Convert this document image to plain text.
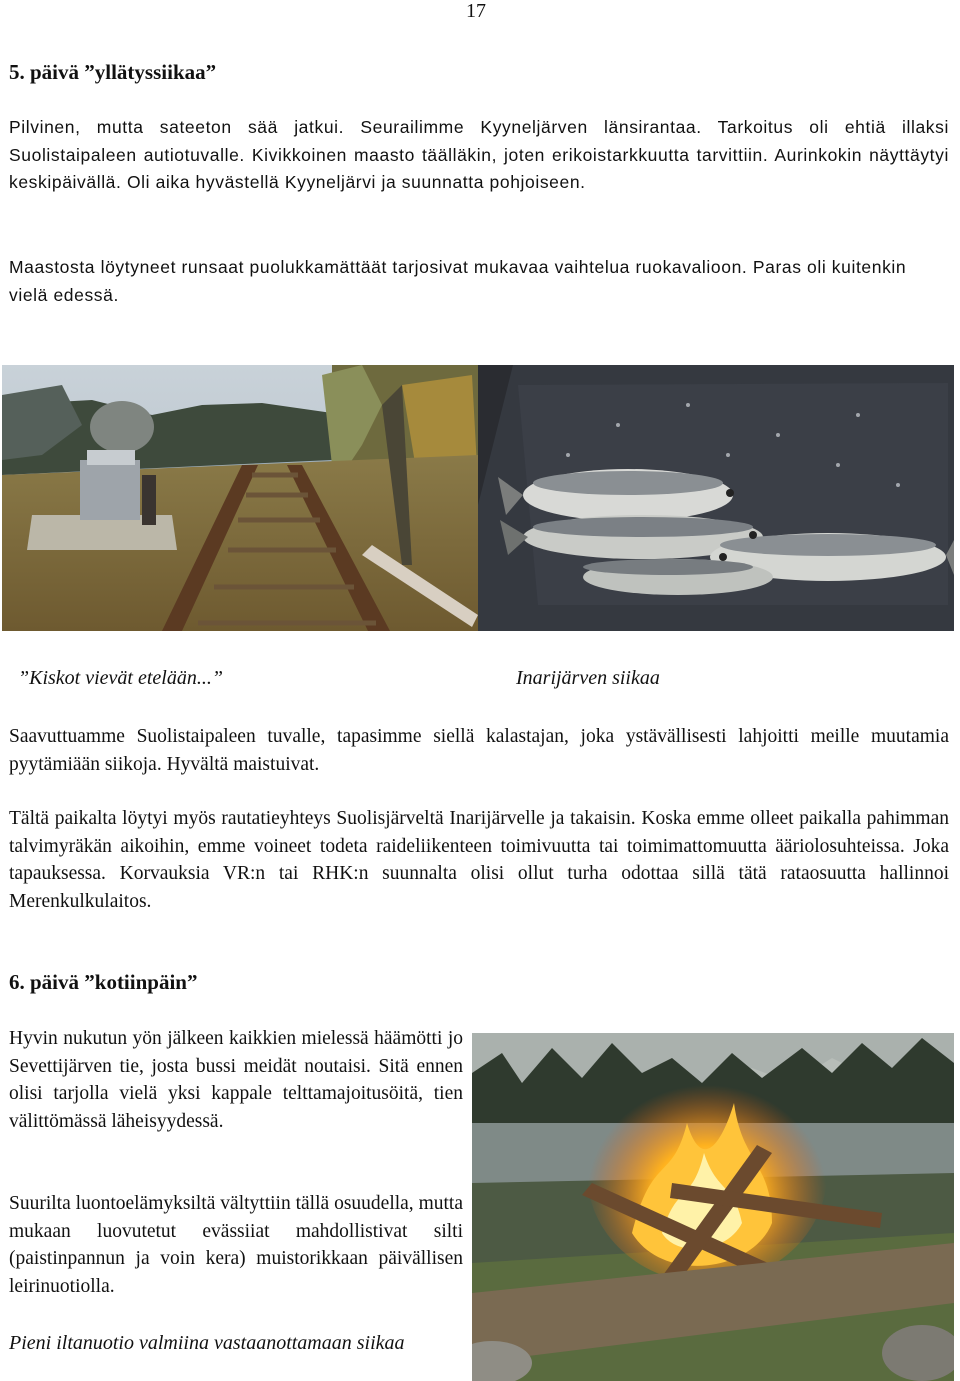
17
5. päivä ”yllätyssiikaa”

Pilvinen, mutta sateeton sää jatkui. Seurailimme Kyyneljärven länsirantaa. Tarkoitus oli ehtiä illaksi Suolistaipaleen autiotuvalle. Kivikkoinen maasto täälläkin, joten erikoistarkkuutta tarvittiin. Aurinkokin näyttäytyi keskipäivällä. Oli aika hyvästellä Kyyneljärvi ja suunnatta pohjoiseen.

Maastosta löytyneet runsaat puolukkamättäät tarjosivat mukavaa vaihtelua ruokavalioon. Paras oli kuitenkin vielä edessä.

”Kiskot vievät etelään...”	Inarijärven siikaa

Saavuttuamme Suolistaipaleen tuvalle, tapasimme siellä kalastajan, joka ystävällisesti lahjoitti meille muutamia pyytämiään siikoja. Hyvältä maistuivat.

Tältä paikalta löytyi myös rautatieyhteys Suolisjärveltä Inarijärvelle ja takaisin. Koska emme olleet paikalla pahimman talvimyräkän aikoihin, emme voineet todeta raideliikenteen toimivuutta tai toimimattomuutta ääriolosuhteissa. Joka tapauksessa. Korvauksia VR:n tai RHK:n suunnalta olisi ollut turha odottaa sillä tätä rataosuutta hallinnoi Merenkulkulaitos.

6. päivä ”kotiinpäin”

Hyvin nukutun yön jälkeen kaikkien mielessä häämötti jo Sevettijärven tie, josta bussi meidät noutaisi. Sitä ennen olisi tarjolla vielä yksi kappale telttamajoitusöitä, tien välittömässä läheisyydessä.

Suurilta luontoelämyksiltä vältyttiin tällä osuudella, mutta mukaan luovutetut evässiiat mahdollistivat silti (paistinpannun ja voin kera) muistorikkaan päivällisen leirinuotiolla.

Pieni iltanuotio valmiina vastaanottamaan siikaa
